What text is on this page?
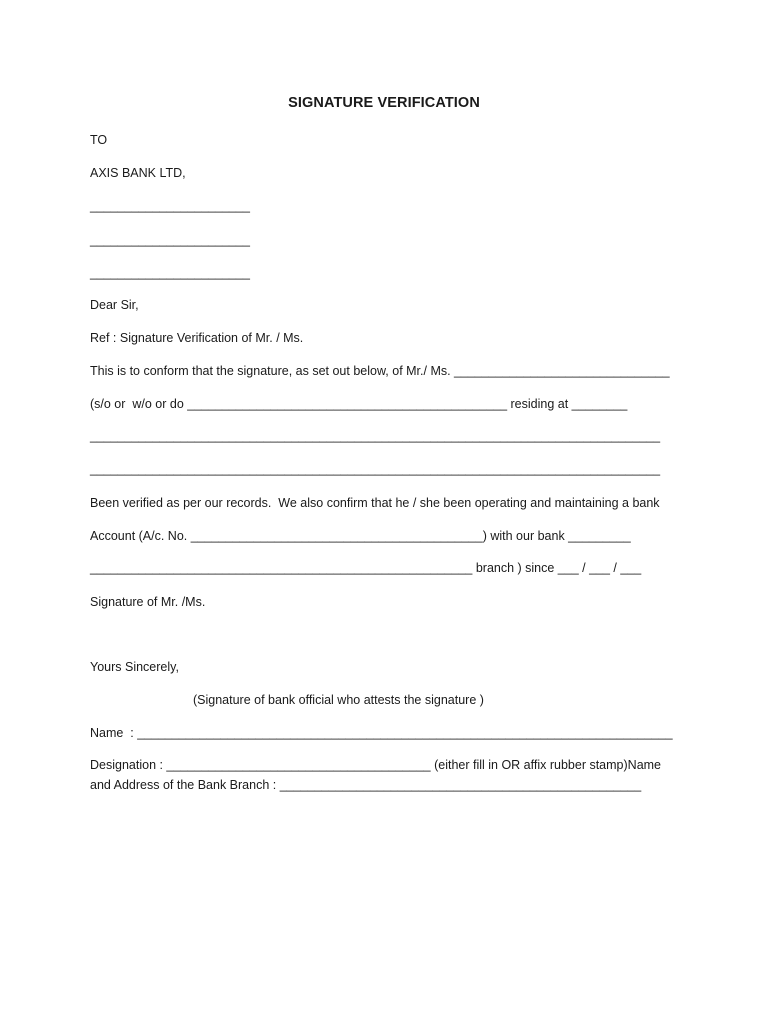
SIGNATURE VERIFICATION
TO
AXIS BANK LTD,
_______________________
_______________________
_______________________
Dear Sir,
Ref : Signature Verification of Mr. / Ms.
This is to conform that the signature, as set out below, of Mr./ Ms. _______________________________
(s/o or  w/o or do ______________________________________________ residing at ________
__________________________________________________________________________________
__________________________________________________________________________________
Been verified as per our records.  We also confirm that he / she been operating and maintaining a bank
Account (A/c. No. __________________________________________) with our bank _________
_______________________________________________________ branch ) since ___ / ___ / ___
Signature of Mr. /Ms.
Yours Sincerely,
(Signature of bank official who attests the signature )
Name  : _____________________________________________________________________________
Designation : ______________________________________ (either fill in OR affix rubber stamp)Name
and Address of the Bank Branch : ____________________________________________________
